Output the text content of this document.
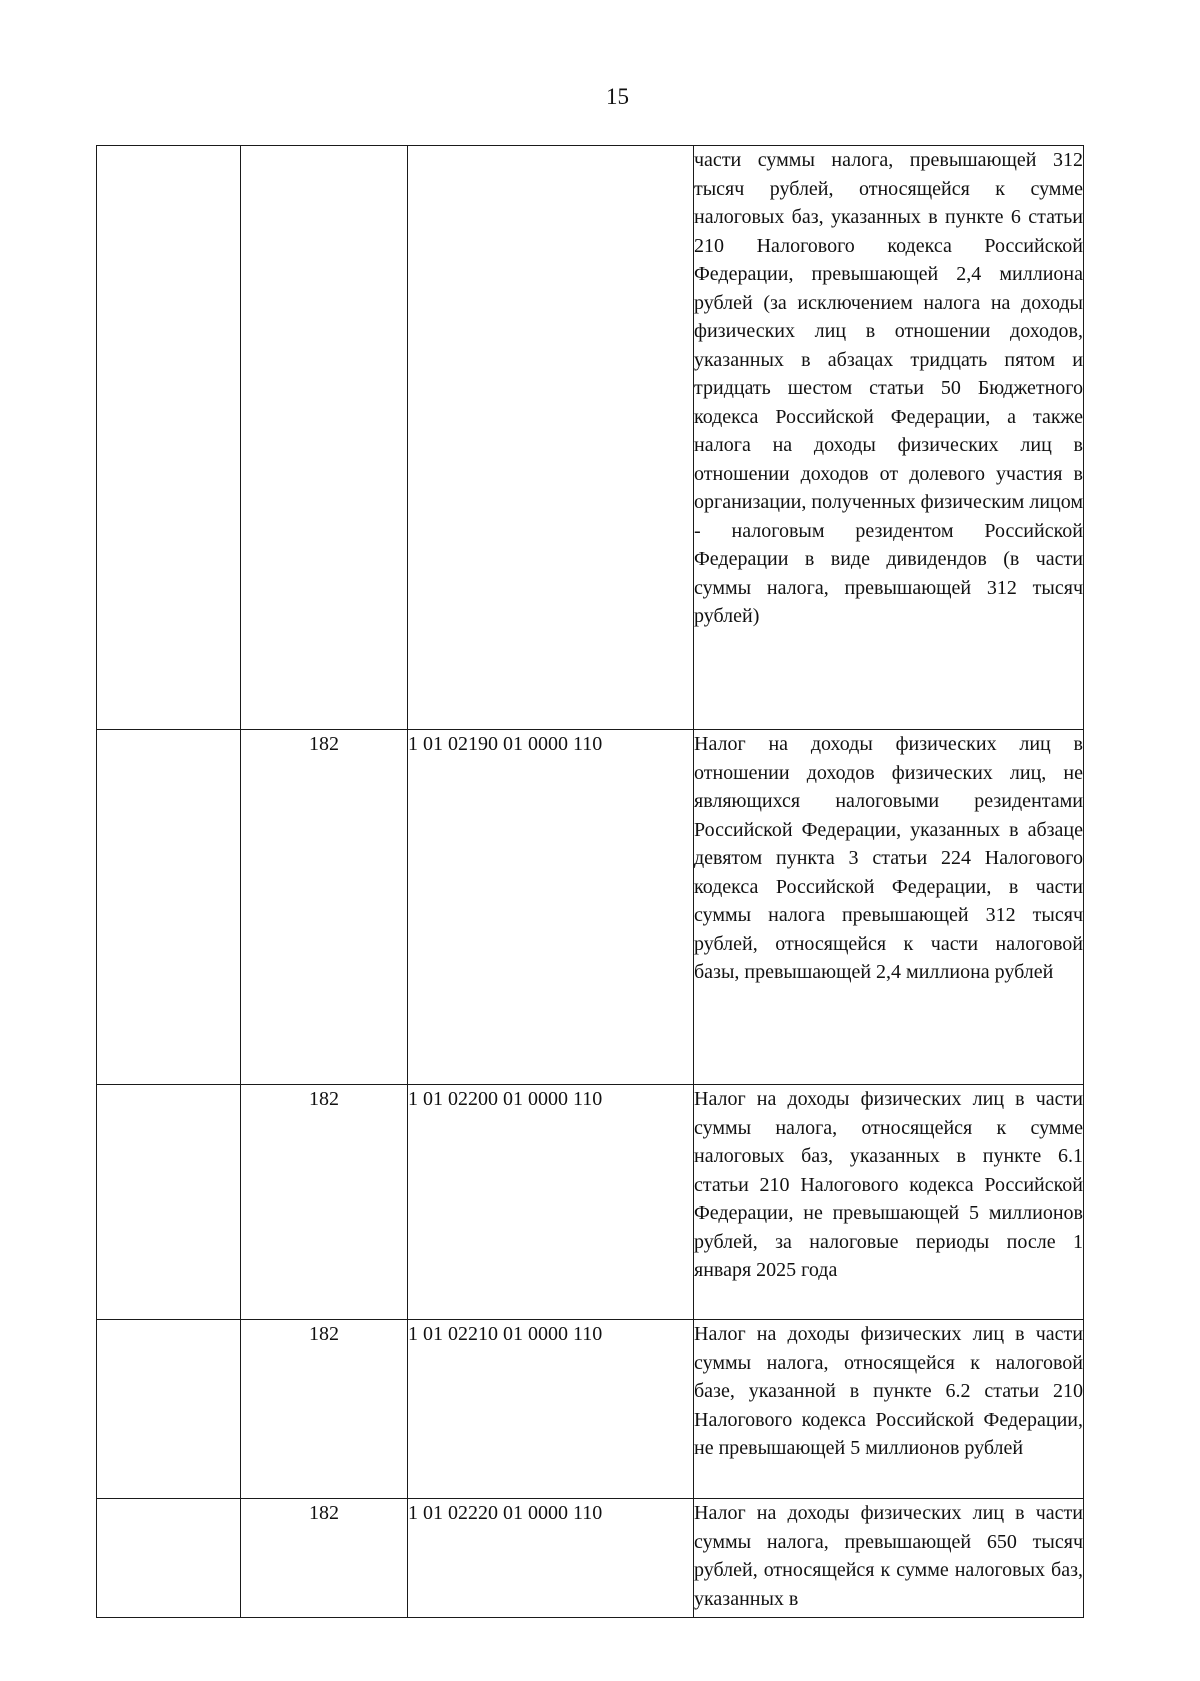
15
			части суммы налога, превышающей 312 тысяч рублей, относящейся к сумме налоговых баз, указанных в пункте 6 статьи 210 Налогового кодекса Российской Федерации, превышающей 2,4 миллиона рублей (за исключением налога на доходы физических лиц в отношении доходов, указанных в абзацах тридцать пятом и тридцать шестом статьи 50 Бюджетного кодекса Российской Федерации, а также налога на доходы физических лиц в отношении доходов от долевого участия в организации, полученных физическим лицом - налоговым резидентом Российской Федерации в виде дивидендов (в части суммы налога, превышающей 312 тысяч рублей)
	182	1 01 02190 01 0000 110	Налог на доходы физических лиц в отношении доходов физических лиц, не являющихся налоговыми резидентами Российской Федерации, указанных в абзаце девятом пункта 3 статьи 224 Налогового кодекса Российской Федерации, в части суммы налога превышающей 312 тысяч рублей, относящейся к части налоговой базы, превышающей 2,4 миллиона рублей
	182	1 01 02200 01 0000 110	Налог на доходы физических лиц в части суммы налога, относящейся к сумме налоговых баз, указанных в пункте 6.1 статьи 210 Налогового кодекса Российской Федерации, не превышающей 5 миллионов рублей, за налоговые периоды после 1 января 2025 года
	182	1 01 02210 01 0000 110	Налог на доходы физических лиц в части суммы налога, относящейся к налоговой базе, указанной в пункте 6.2 статьи 210 Налогового кодекса Российской Федерации, не превышающей 5 миллионов рублей
	182	1 01 02220 01 0000 110	Налог на доходы физических лиц в части суммы налога, превышающей 650 тысяч рублей, относящейся к сумме налоговых баз, указанных в
